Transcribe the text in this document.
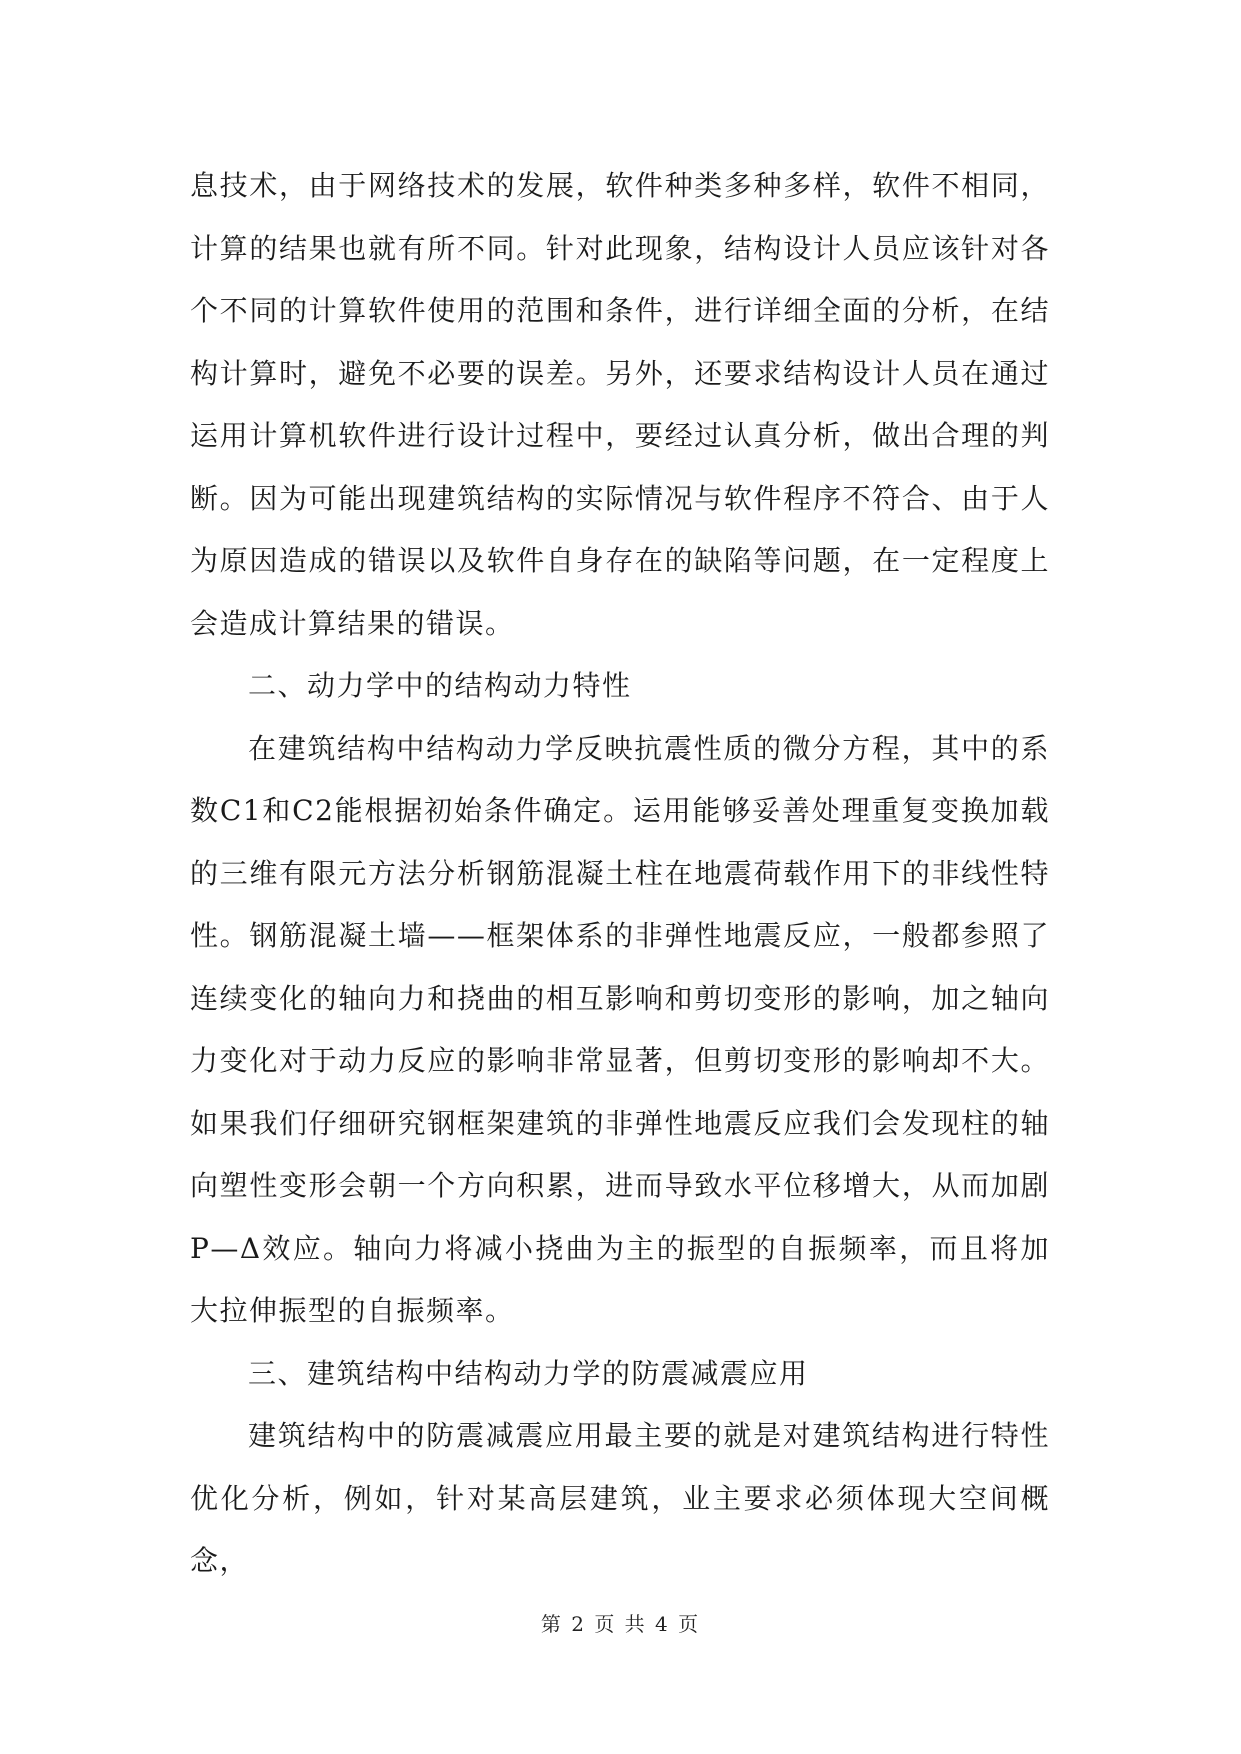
息技术，由于网络技术的发展，软件种类多种多样，软件不相同，计算的结果也就有所不同。针对此现象，结构设计人员应该针对各个不同的计算软件使用的范围和条件，进行详细全面的分析，在结构计算时，避免不必要的误差。另外，还要求结构设计人员在通过运用计算机软件进行设计过程中，要经过认真分析，做出合理的判断。因为可能出现建筑结构的实际情况与软件程序不符合、由于人为原因造成的错误以及软件自身存在的缺陷等问题，在一定程度上会造成计算结果的错误。

二、动力学中的结构动力特性

在建筑结构中结构动力学反映抗震性质的微分方程，其中的系数C1和C2能根据初始条件确定。运用能够妥善处理重复变换加载的三维有限元方法分析钢筋混凝土柱在地震荷载作用下的非线性特性。钢筋混凝土墙——框架体系的非弹性地震反应，一般都参照了连续变化的轴向力和挠曲的相互影响和剪切变形的影响，加之轴向力变化对于动力反应的影响非常显著，但剪切变形的影响却不大。如果我们仔细研究钢框架建筑的非弹性地震反应我们会发现柱的轴向塑性变形会朝一个方向积累，进而导致水平位移增大，从而加剧P—Δ效应。轴向力将减小挠曲为主的振型的自振频率，而且将加大拉伸振型的自振频率。

三、建筑结构中结构动力学的防震减震应用

建筑结构中的防震减震应用最主要的就是对建筑结构进行特性优化分析，例如，针对某高层建筑，业主要求必须体现大空间概念，

第 2 页 共 4 页
